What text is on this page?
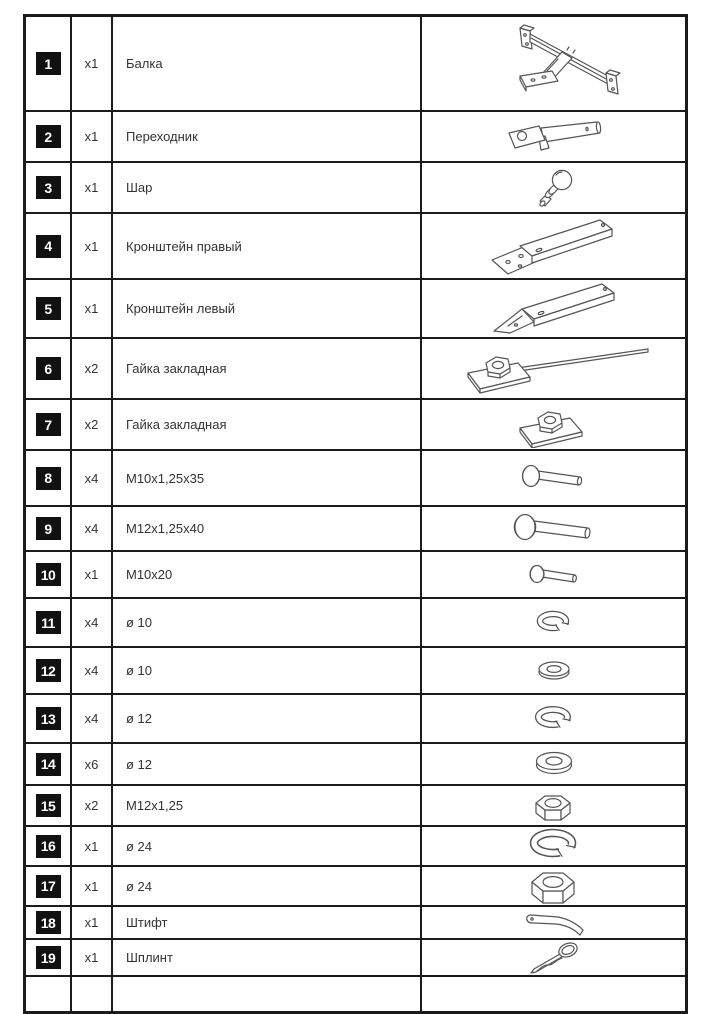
1	x1 Балка
2	x1 Переходник
3	x1 Шар
4	x1 Кронштейн правый
5	x1 Кронштейн левый
6	x2 Гайка закладная
7	x2 Гайка закладная
8	x4 M10x1,25x35
9	x4 M12x1,25x40
10	x1 M10x20
11	x4 ø 10
12	x4 ø 10
13	x4 ø 12
14	x6 ø 12
15	x2 M12x1,25
16	x1 ø 24
17	x1 ø 24
18	x1 Штифт
19	x1 Шплинт
